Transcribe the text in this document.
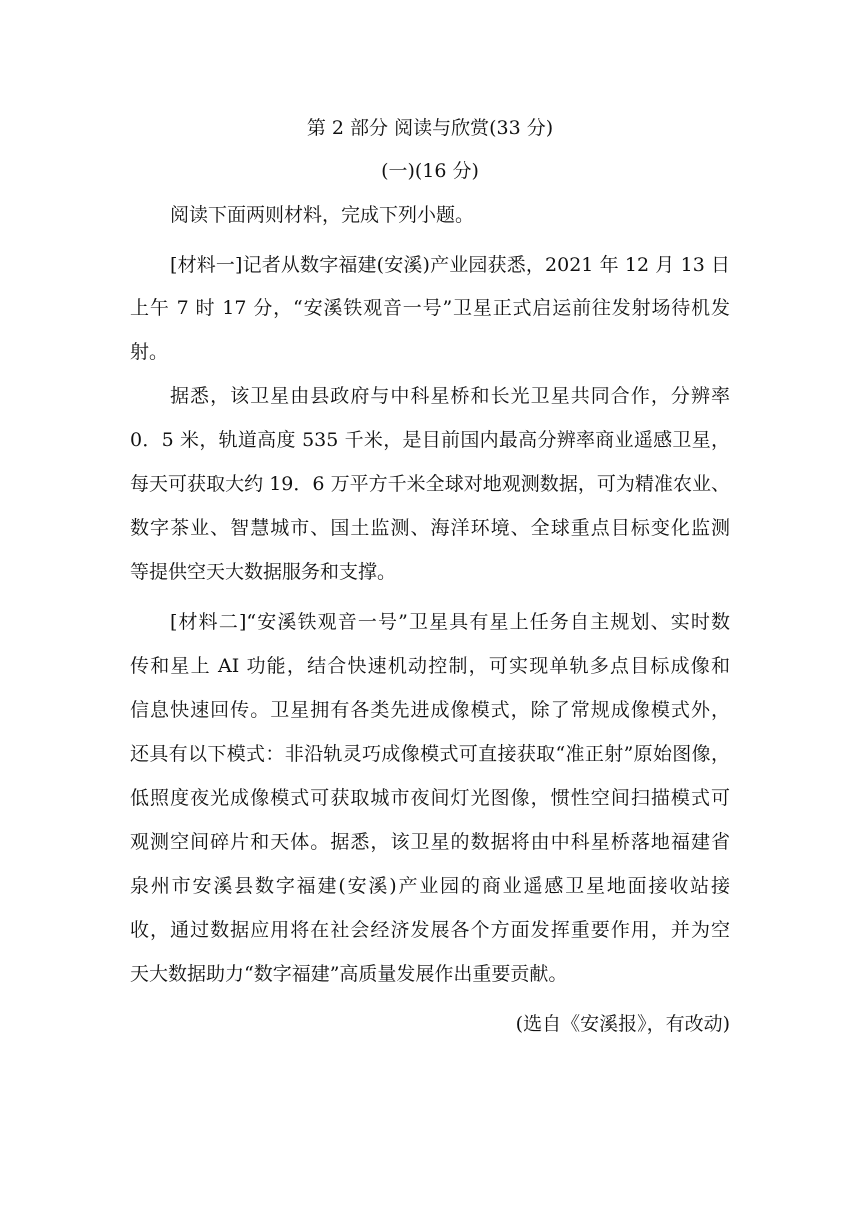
第 2 部分 阅读与欣赏(33 分)
(一)(16 分)
阅读下面两则材料，完成下列小题。
[材料一]记者从数字福建(安溪)产业园获悉，2021 年 12 月 13 日
上午 7 时 17 分，“安溪铁观音一号”卫星正式启运前往发射场待机发
射。
据悉，该卫星由县政府与中科星桥和长光卫星共同合作，分辨率
0．5 米，轨道高度 535 千米，是目前国内最高分辨率商业遥感卫星，
每天可获取大约 19．6 万平方千米全球对地观测数据，可为精准农业、
数字茶业、智慧城市、国土监测、海洋环境、全球重点目标变化监测
等提供空天大数据服务和支撑。
[材料二]“安溪铁观音一号”卫星具有星上任务自主规划、实时数
传和星上 AI 功能，结合快速机动控制，可实现单轨多点目标成像和
信息快速回传。卫星拥有各类先进成像模式，除了常规成像模式外，
还具有以下模式：非沿轨灵巧成像模式可直接获取“准正射”原始图像，
低照度夜光成像模式可获取城市夜间灯光图像，惯性空间扫描模式可
观测空间碎片和天体。据悉，该卫星的数据将由中科星桥落地福建省
泉州市安溪县数字福建(安溪)产业园的商业遥感卫星地面接收站接
收，通过数据应用将在社会经济发展各个方面发挥重要作用，并为空
天大数据助力“数字福建”高质量发展作出重要贡献。
(选自《安溪报》，有改动)
